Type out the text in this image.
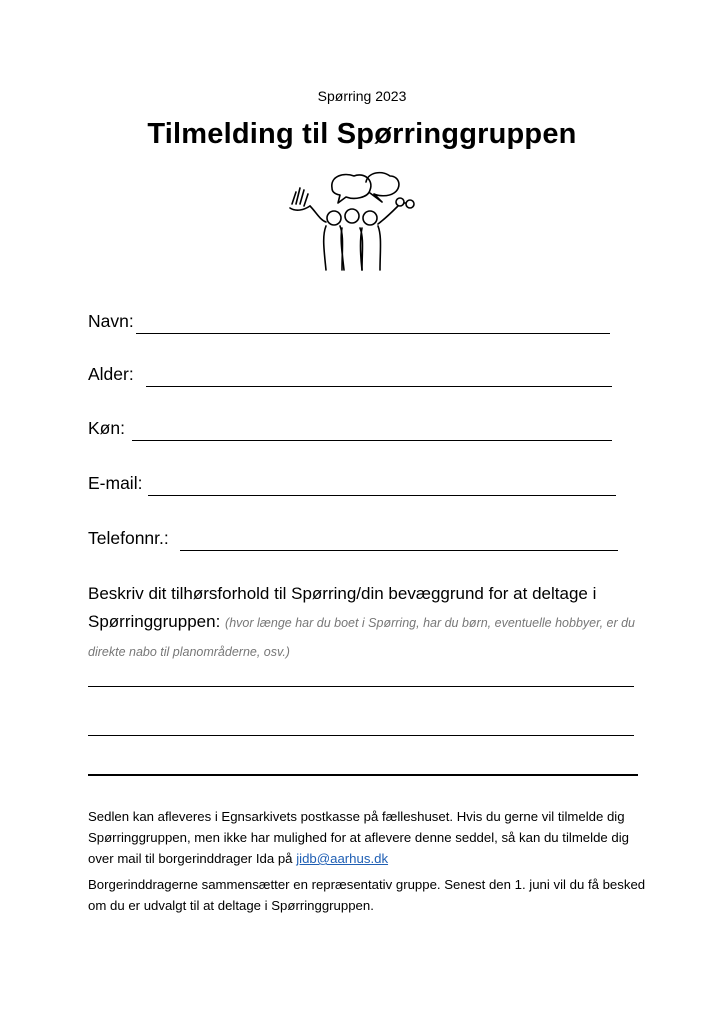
Spørring 2023
Tilmelding til Spørringgruppen
Navn:
Alder:
Køn:
E-mail:
Telefonnr.:
Beskriv dit tilhørsforhold til Spørring/din bevæggrund for at deltage i Spørringgruppen: (hvor længe har du boet i Spørring, har du børn, eventuelle hobbyer, er du direkte nabo til planområderne, osv.)
Sedlen kan afleveres i Egnsarkivets postkasse på fælleshuset. Hvis du gerne vil tilmelde dig Spørringgruppen, men ikke har mulighed for at aflevere denne seddel, så kan du tilmelde dig over mail til borgerinddrager Ida på jidb@aarhus.dk
Borgerinddragerne sammensætter en repræsentativ gruppe. Senest den 1. juni vil du få besked om du er udvalgt til at deltage i Spørringgruppen.
